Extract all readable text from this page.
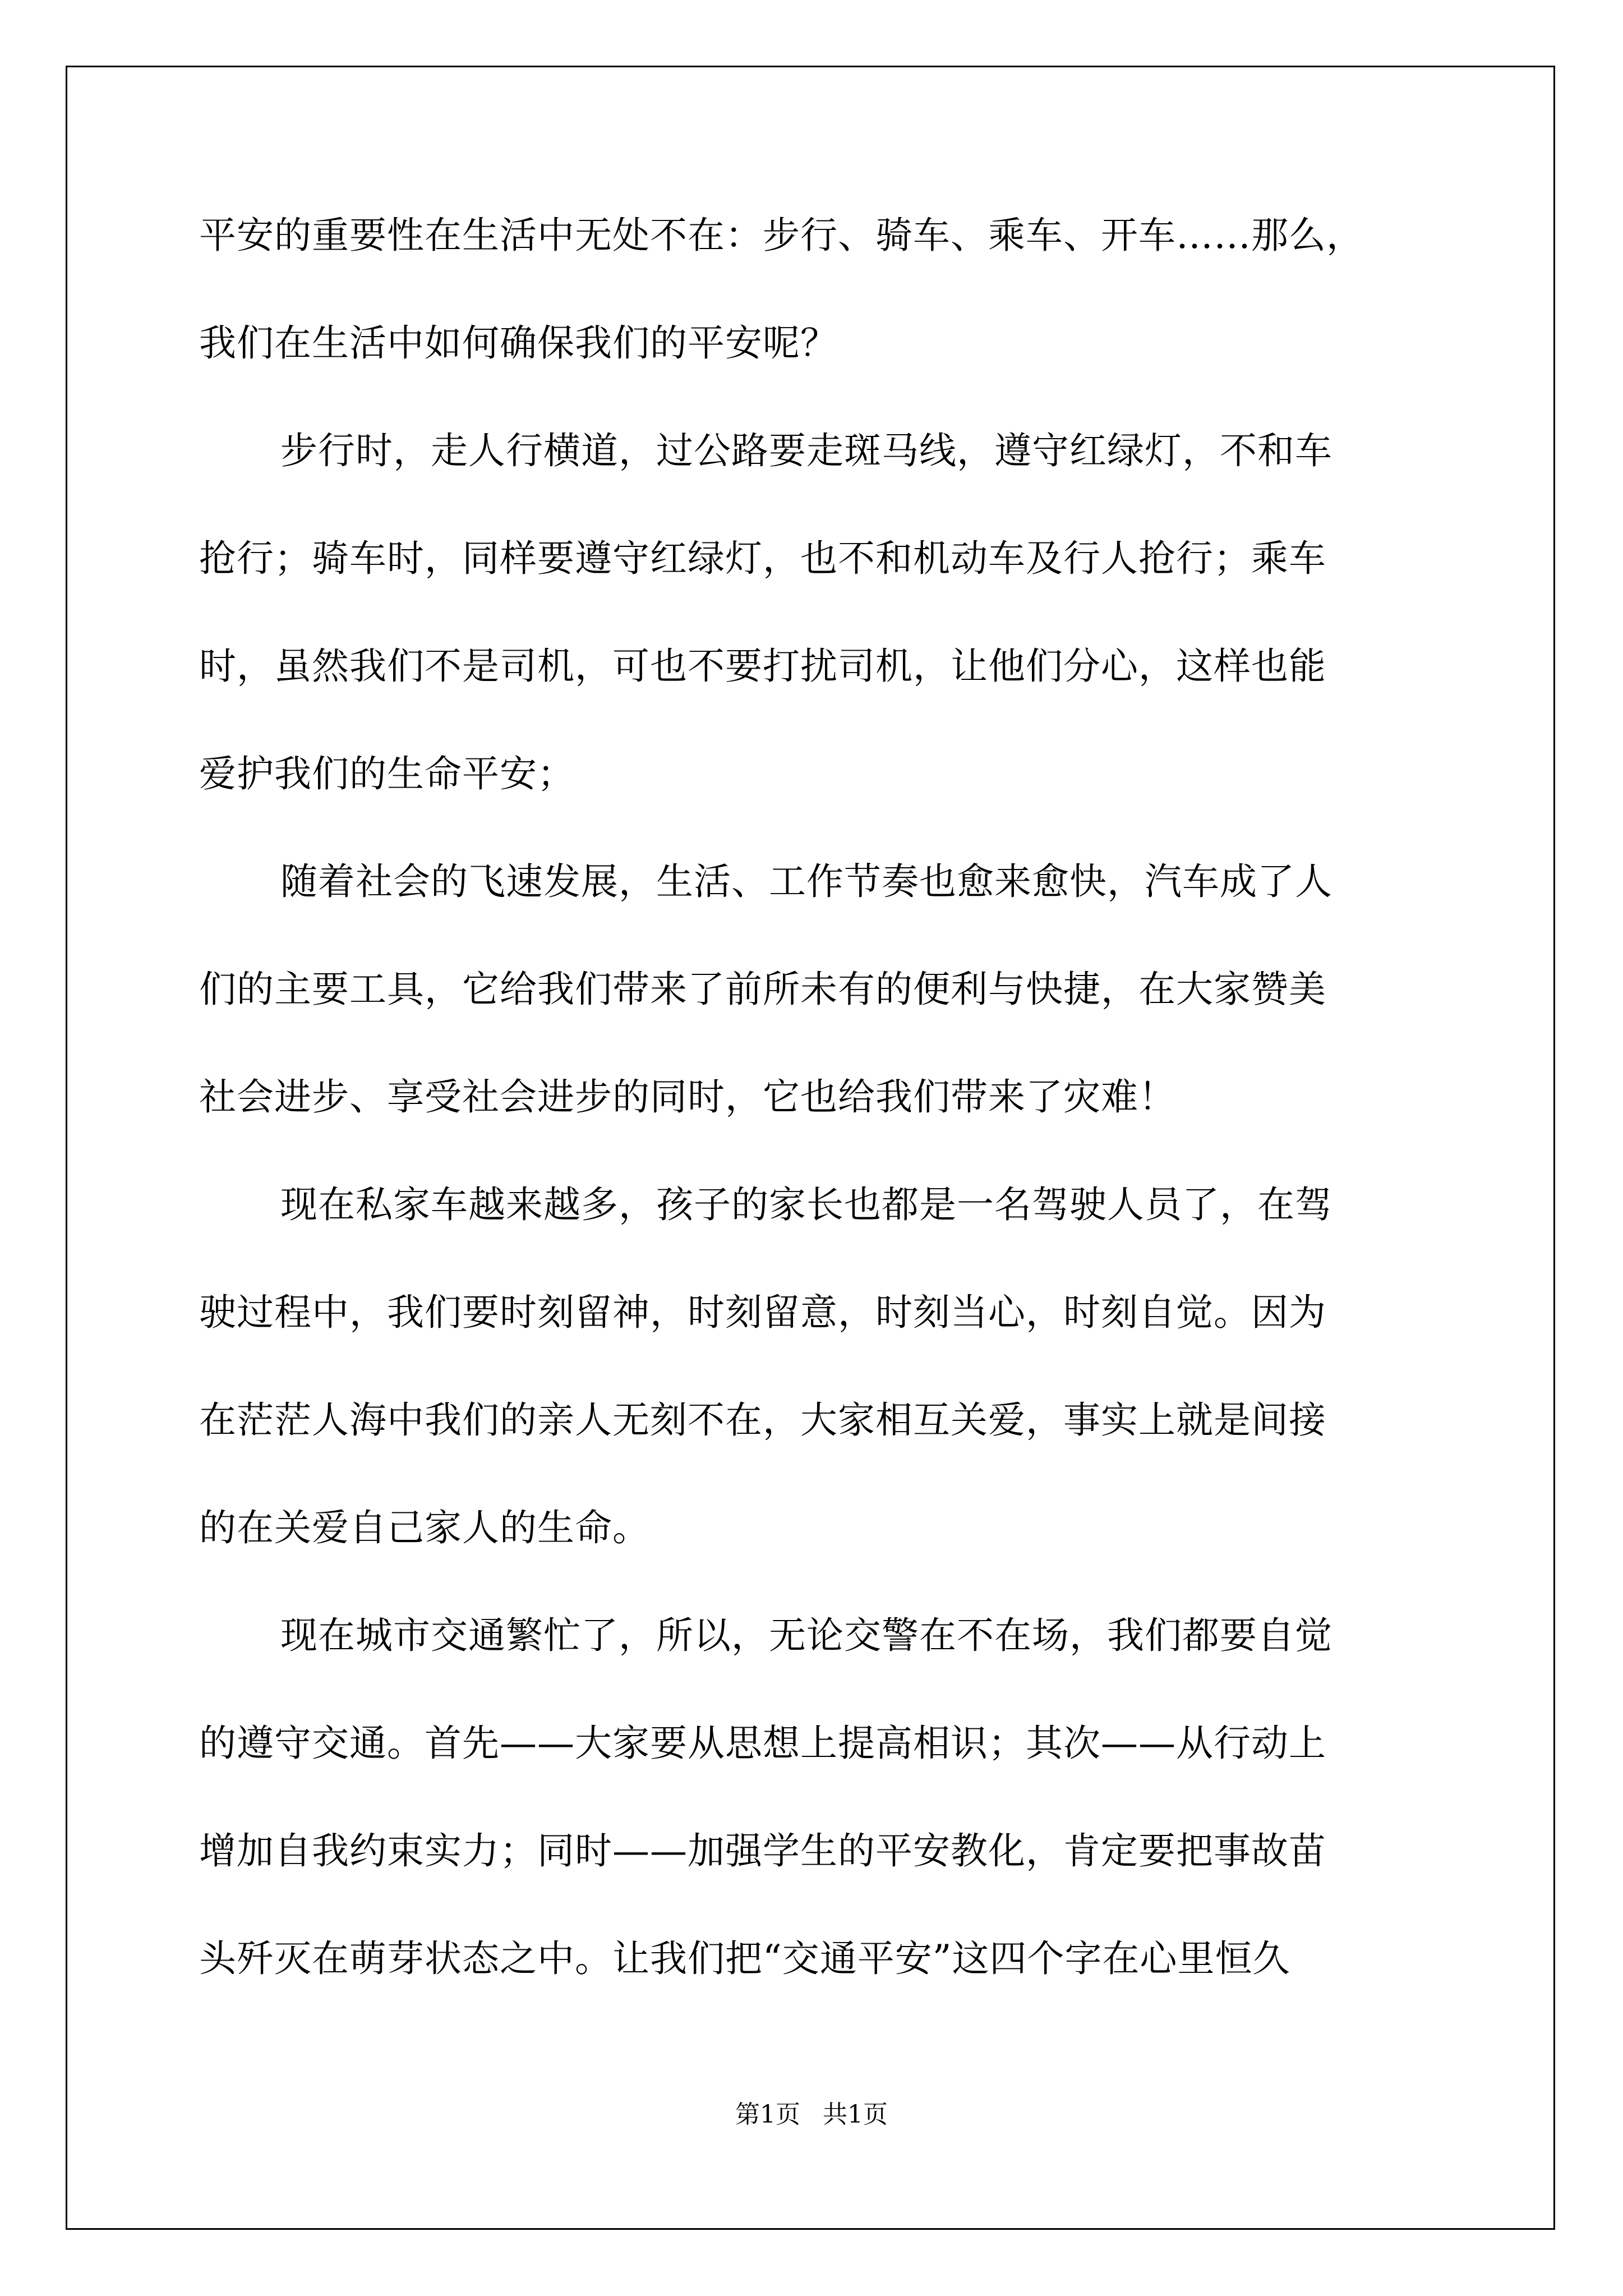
平安的重要性在生活中无处不在：步行、骑车、乘车、开车……那么，
我们在生活中如何确保我们的平安呢？
步行时，走人行横道，过公路要走斑马线，遵守红绿灯，不和车
抢行；骑车时，同样要遵守红绿灯，也不和机动车及行人抢行；乘车
时，虽然我们不是司机，可也不要打扰司机，让他们分心，这样也能
爱护我们的生命平安；
随着社会的飞速发展，生活、工作节奏也愈来愈快，汽车成了人
们的主要工具，它给我们带来了前所未有的便利与快捷，在大家赞美
社会进步、享受社会进步的同时，它也给我们带来了灾难！
现在私家车越来越多，孩子的家长也都是一名驾驶人员了，在驾
驶过程中，我们要时刻留神，时刻留意，时刻当心，时刻自觉。因为
在茫茫人海中我们的亲人无刻不在，大家相互关爱，事实上就是间接
的在关爱自己家人的生命。
现在城市交通繁忙了，所以，无论交警在不在场，我们都要自觉
的遵守交通。首先——大家要从思想上提高相识；其次——从行动上
增加自我约束实力；同时——加强学生的平安教化，肯定要把事故苗
头歼灭在萌芽状态之中。让我们把“交通平安”这四个字在心里恒久
第1页 共1页
